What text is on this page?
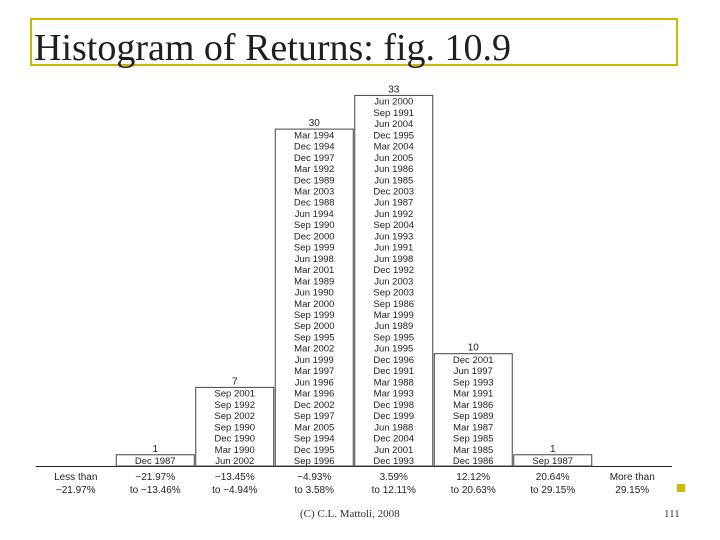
Histogram of Returns: fig. 10.9
Less than
−21.97%
1
Dec 1987
−21.97%
to −13.46%
7
Sep 2001
Sep 1992
Sep 2002
Sep 1990
Dec 1990
Mar 1990
Jun 2002
−13.45%
to −4.94%
30
Mar 1994
Dec 1994
Dec 1997
Mar 1992
Dec 1989
Mar 2003
Dec 1988
Jun 1994
Sep 1990
Dec 2000
Sep 1999
Jun 1998
Mar 2001
Mar 1989
Jun 1990
Mar 2000
Sep 1999
Sep 2000
Sep 1995
Mar 2002
Jun 1999
Mar 1997
Jun 1996
Mar 1996
Dec 2002
Sep 1997
Mar 2005
Sep 1994
Dec 1995
Sep 1996
−4.93%
to 3.58%
33
Jun 2000
Sep 1991
Jun 2004
Dec 1995
Mar 2004
Jun 2005
Jun 1986
Jun 1985
Dec 2003
Jun 1987
Jun 1992
Sep 2004
Jun 1993
Jun 1991
Jun 1998
Dec 1992
Jun 2003
Sep 2003
Sep 1986
Mar 1999
Jun 1989
Sep 1995
Jun 1995
Dec 1996
Dec 1991
Mar 1988
Mar 1993
Dec 1998
Dec 1999
Jun 1988
Dec 2004
Jun 2001
Dec 1993
3.59%
to 12.11%
10
Dec 2001
Jun 1997
Sep 1993
Mar 1991
Mar 1986
Sep 1989
Mar 1987
Sep 1985
Mar 1985
Dec 1986
12.12%
to 20.63%
1
Sep 1987
20.64%
to 29.15%
More than
29.15%
(C) C.L. Mattoli, 2008	111
